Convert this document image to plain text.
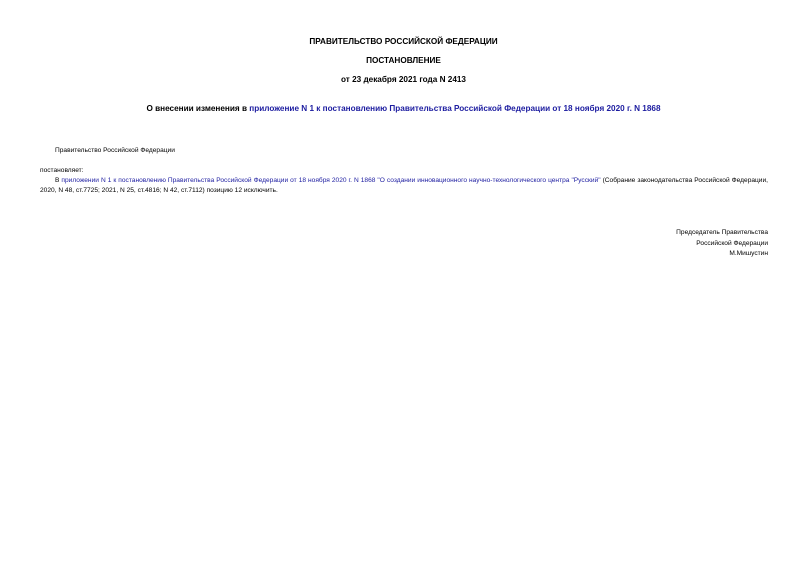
ПРАВИТЕЛЬСТВО РОССИЙСКОЙ ФЕДЕРАЦИИ
ПОСТАНОВЛЕНИЕ
от 23 декабря 2021 года N 2413
О внесении изменения в приложение N 1 к постановлению Правительства Российской Федерации от 18 ноября 2020 г. N 1868
Правительство Российской Федерации
постановляет:
В приложении N 1 к постановлению Правительства Российской Федерации от 18 ноября 2020 г. N 1868 "О создании инновационного научно-технологического центра "Русский" (Собрание законодательства Российской Федерации, 2020, N 48, ст.7725; 2021, N 25, ст.4816; N 42, ст.7112) позицию 12 исключить.
Председатель Правительства
Российской Федерации
М.Мишустин
